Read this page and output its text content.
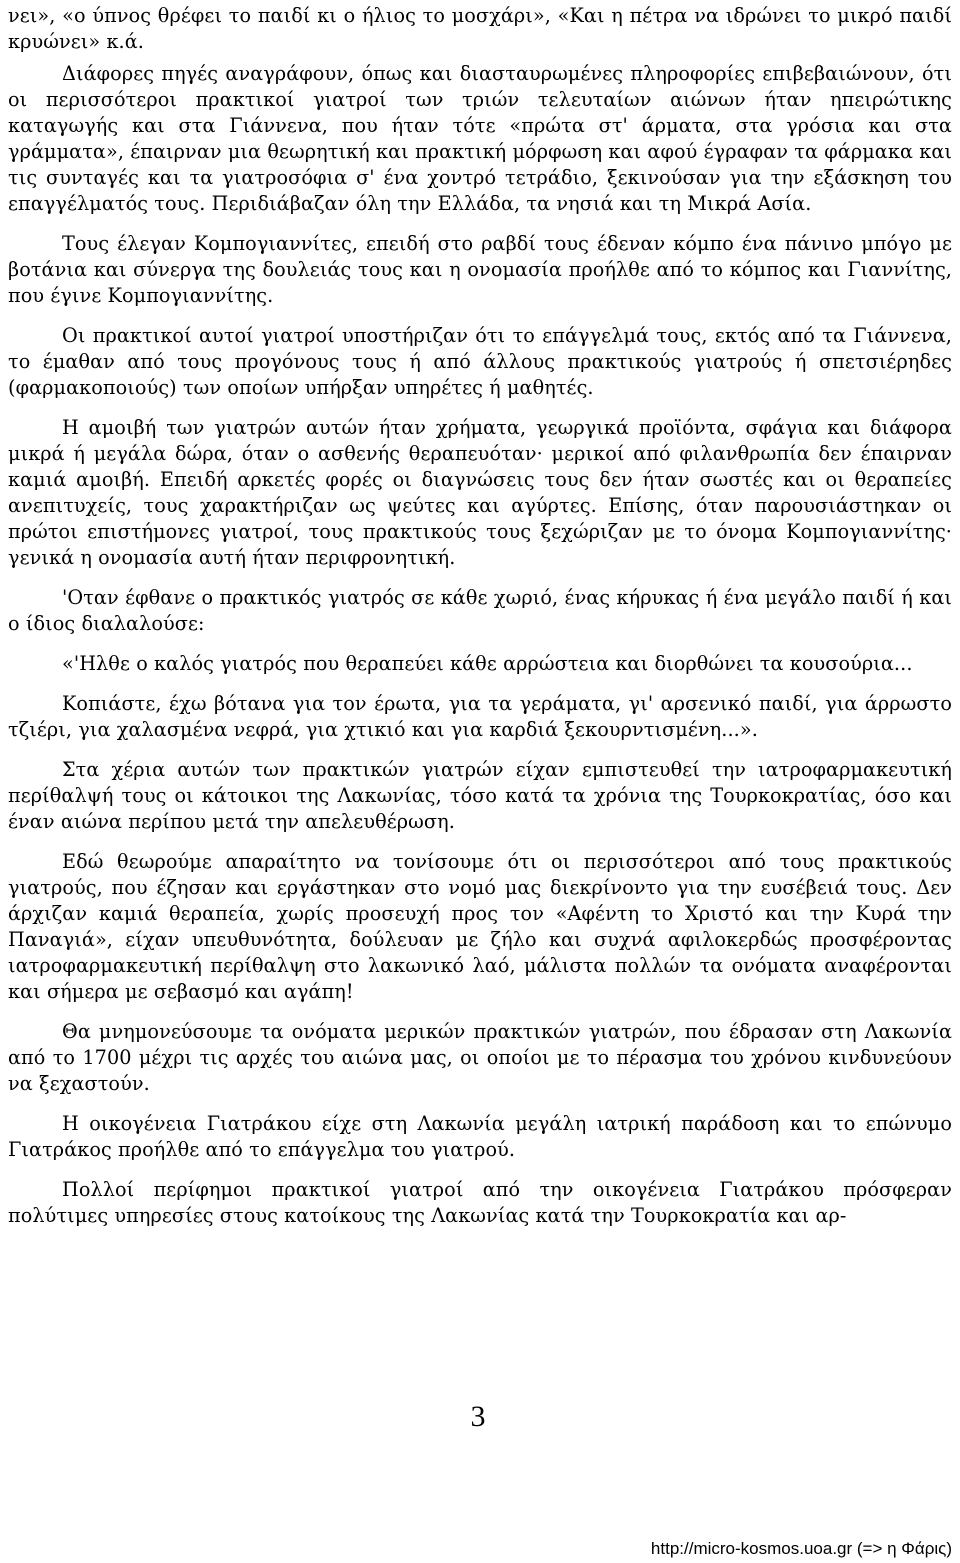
νει», «ο ύπνος θρέφει το παιδί κι ο ήλιος το μοσχάρι», «Και η πέτρα να ιδρώνει το μικρό παιδί κρυώνει» κ.ά.

Διάφορες πηγές αναγράφουν, όπως και διασταυρωμένες πληροφορίες επιβεβαιώνουν, ότι οι περισσότεροι πρακτικοί γιατροί των τριών τελευταίων αιώνων ήταν ηπειρώτικης καταγωγής και στα Γιάννενα, που ήταν τότε «πρώτα στ' άρματα, στα γρόσια και στα γράμματα», έπαιρναν μια θεωρητική και πρακτική μόρφωση και αφού έγραφαν τα φάρμακα και τις συνταγές και τα γιατροσόφια σ' ένα χοντρό τετράδιο, ξεκινούσαν για την εξάσκηση του επαγγέλματός τους. Περιδιάβαζαν όλη την Ελλάδα, τα νησιά και τη Μικρά Ασία.

Τους έλεγαν Κομπογιαννίτες, επειδή στο ραβδί τους έδεναν κόμπο ένα πάνινο μπόγο με βοτάνια και σύνεργα της δουλειάς τους και η ονομασία προήλθε από το κόμπος και Γιαννίτης, που έγινε Κομπογιαννίτης.

Οι πρακτικοί αυτοί γιατροί υποστήριζαν ότι το επάγγελμά τους, εκτός από τα Γιάννενα, το έμαθαν από τους προγόνους τους ή από άλλους πρακτικούς γιατρούς ή σπετσιέρηδες (φαρμακοποιούς) των οποίων υπήρξαν υπηρέτες ή μαθητές.

Η αμοιβή των γιατρών αυτών ήταν χρήματα, γεωργικά προϊόντα, σφάγια και διάφορα μικρά ή μεγάλα δώρα, όταν ο ασθενής θεραπευόταν· μερικοί από φιλανθρωπία δεν έπαιρναν καμιά αμοιβή. Επειδή αρκετές φορές οι διαγνώσεις τους δεν ήταν σωστές και οι θεραπείες ανεπιτυχείς, τους χαρακτήριζαν ως ψεύτες και αγύρτες. Επίσης, όταν παρουσιάστηκαν οι πρώτοι επιστήμονες γιατροί, τους πρακτικούς τους ξεχώριζαν με το όνομα Κομπογιαννίτης· γενικά η ονομασία αυτή ήταν περιφρονητική.

'Οταν έφθανε ο πρακτικός γιατρός σε κάθε χωριό, ένας κήρυκας ή ένα μεγάλο παιδί ή και ο ίδιος διαλαλούσε:

«'Ηλθε ο καλός γιατρός που θεραπεύει κάθε αρρώστεια και διορθώνει τα κουσούρια...

Κοπιάστε, έχω βότανα για τον έρωτα, για τα γεράματα, γι' αρσενικό παιδί, για άρρωστο τζιέρι, για χαλασμένα νεφρά, για χτικιό και για καρδιά ξεκουρντισμένη...».

Στα χέρια αυτών των πρακτικών γιατρών είχαν εμπιστευθεί την ιατροφαρμακευτική περίθαλψή τους οι κάτοικοι της Λακωνίας, τόσο κατά τα χρόνια της Τουρκοκρατίας, όσο και έναν αιώνα περίπου μετά την απελευθέρωση.

Εδώ θεωρούμε απαραίτητο να τονίσουμε ότι οι περισσότεροι από τους πρακτικούς γιατρούς, που έζησαν και εργάστηκαν στο νομό μας διεκρίνοντο για την ευσέβειά τους. Δεν άρχιζαν καμιά θεραπεία, χωρίς προσευχή προς τον «Αφέντη το Χριστό και την Κυρά την Παναγιά», είχαν υπευθυνότητα, δούλευαν με ζήλο και συχνά αφιλοκερδώς προσφέροντας ιατροφαρμακευτική περίθαλψη στο λακωνικό λαό, μάλιστα πολλών τα ονόματα αναφέρονται και σήμερα με σεβασμό και αγάπη!

Θα μνημονεύσουμε τα ονόματα μερικών πρακτικών γιατρών, που έδρασαν στη Λακωνία από το 1700 μέχρι τις αρχές του αιώνα μας, οι οποίοι με το πέρασμα του χρόνου κινδυνεύουν να ξεχαστούν.

Η οικογένεια Γιατράκου είχε στη Λακωνία μεγάλη ιατρική παράδοση και το επώνυμο Γιατράκος προήλθε από το επάγγελμα του γιατρού.

Πολλοί περίφημοι πρακτικοί γιατροί από την οικογένεια Γιατράκου πρόσφεραν πολύτιμες υπηρεσίες στους κατοίκους της Λακωνίας κατά την Τουρκοκρατία και αρ-

3
http://micro-kosmos.uoa.gr (=> η Φάρις)
